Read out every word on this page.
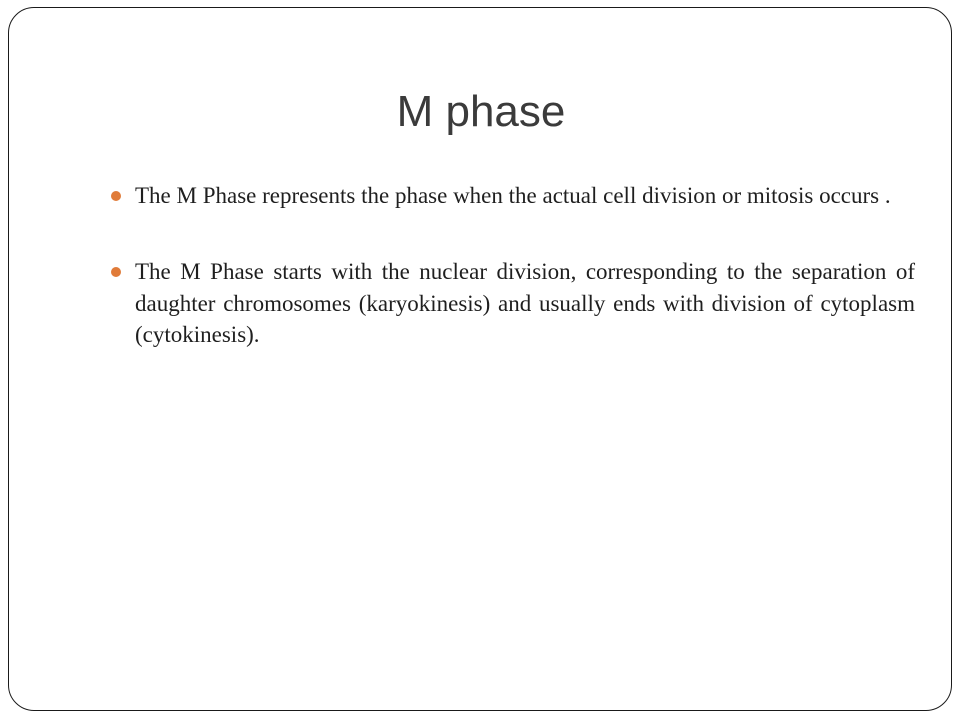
M phase
The M Phase represents the phase when the actual cell division or mitosis occurs .
The M Phase starts with the nuclear division, corresponding to the separation of daughter chromosomes (karyokinesis) and usually ends with division of cytoplasm (cytokinesis).
